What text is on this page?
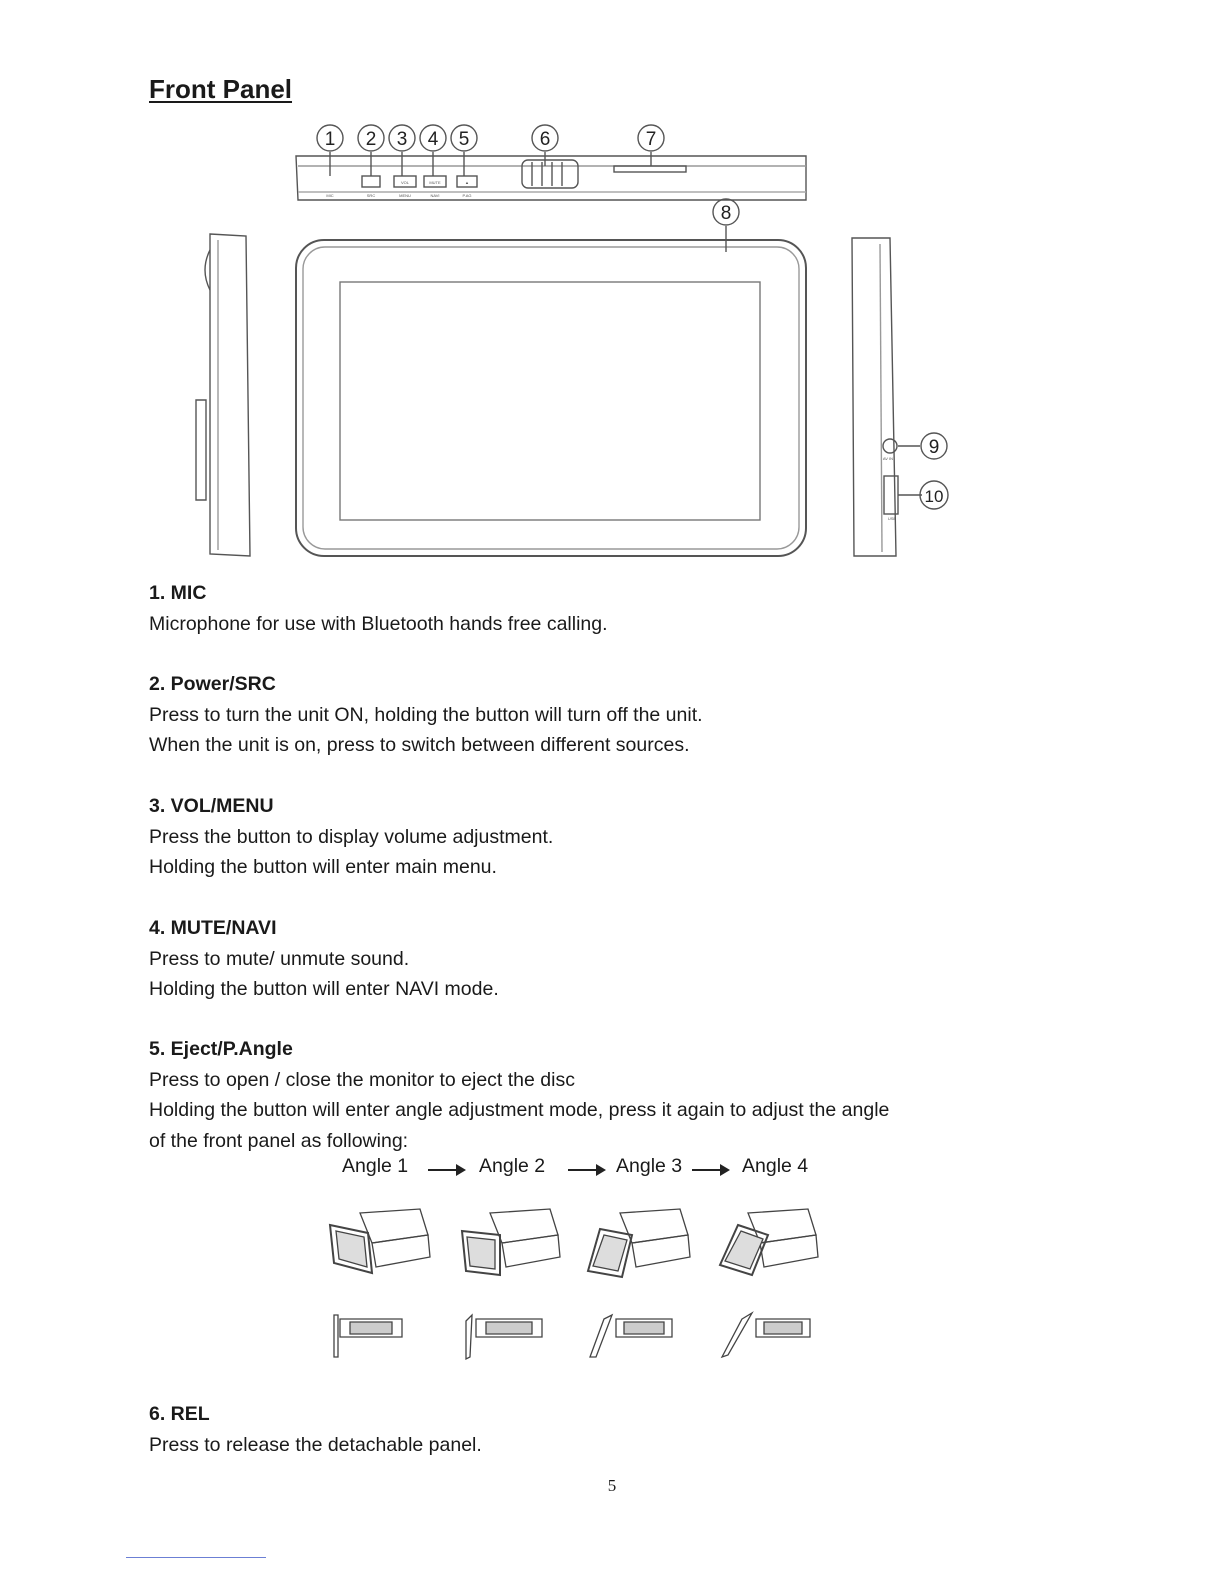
Front Panel
1 2 3 4 5	6	7
8
9
10
MIC	SRC	MENU	NAVI	P.AG
VOL	MUTE	▲
AV IN
USB
1. MIC

Microphone for use with Bluetooth hands free calling.

2. Power/SRC

Press to turn the unit ON, holding the button will turn off the unit.

When the unit is on, press to switch between different sources.

3. VOL/MENU

Press the button to display volume adjustment.

Holding the button will enter main menu.

4. MUTE/NAVI

Press to mute/ unmute sound.

Holding the button will enter NAVI mode.

5. Eject/P.Angle

Press to open / close the monitor to eject the disc

Holding the button will enter angle adjustment mode, press it again to adjust the angle

of the front panel as following:

Angle 1	Angle 2	Angle 3	Angle 4
6. REL

Press to release the detachable panel.

5
